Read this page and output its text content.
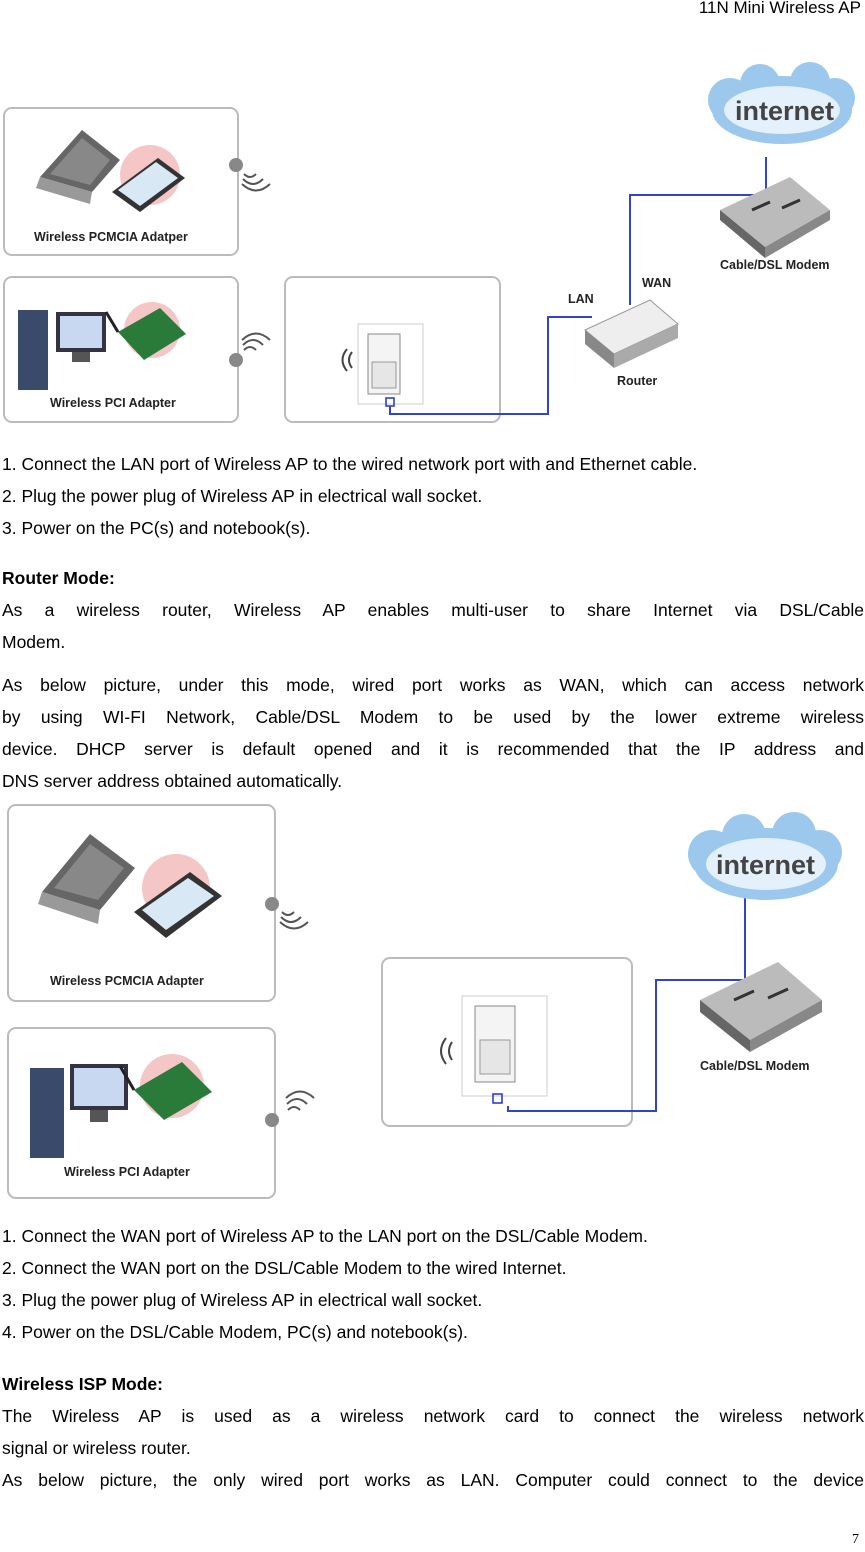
11N Mini Wireless AP
Wireless PCMCIA Adatper
Wireless PCI Adapter
internet
Cable/DSL Modem
Router
LAN
WAN

1. Connect the LAN port of Wireless AP to the wired network port with and Ethernet cable.

2. Plug the power plug of Wireless AP in electrical wall socket.

3. Power on the PC(s) and notebook(s).

Router Mode:

As a wireless router, Wireless AP enables multi-user to share Internet via DSL/Cable

Modem.

As below picture, under this mode, wired port works as WAN, which can access network

by using WI-FI Network, Cable/DSL Modem to be used by the lower extreme wireless

device. DHCP server is default opened and it is recommended that the IP address and

DNS server address obtained automatically.

Wireless PCMCIA Adapter
Wireless PCI Adapter
internet
Cable/DSL Modem

1. Connect the WAN port of Wireless AP to the LAN port on the DSL/Cable Modem.

2. Connect the WAN port on the DSL/Cable Modem to the wired Internet.

3. Plug the power plug of Wireless AP in electrical wall socket.

4. Power on the DSL/Cable Modem, PC(s) and notebook(s).

Wireless ISP Mode:

The Wireless AP is used as a wireless network card to connect the wireless network

signal or wireless router.

As below picture, the only wired port works as LAN. Computer could connect to the device

7
